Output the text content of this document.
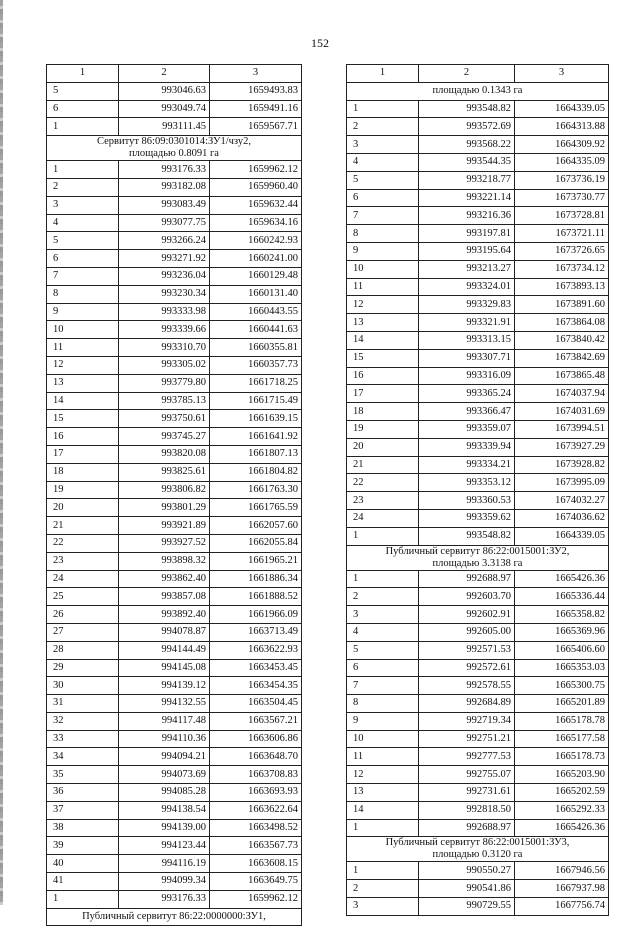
152
1	2	3
5	993046.63	1659493.83
6	993049.74	1659491.16
1	993111.45	1659567.71
Сервитут 86:09:0301014:ЗУ1/чзу2,
площадью 0.8091 га		
1	993176.33	1659962.12
2	993182.08	1659960.40
3	993083.49	1659632.44
4	993077.75	1659634.16
5	993266.24	1660242.93
6	993271.92	1660241.00
7	993236.04	1660129.48
8	993230.34	1660131.40
9	993333.98	1660443.55
10	993339.66	1660441.63
11	993310.70	1660355.81
12	993305.02	1660357.73
13	993779.80	1661718.25
14	993785.13	1661715.49
15	993750.61	1661639.15
16	993745.27	1661641.92
17	993820.08	1661807.13
18	993825.61	1661804.82
19	993806.82	1661763.30
20	993801.29	1661765.59
21	993921.89	1662057.60
22	993927.52	1662055.84
23	993898.32	1661965.21
24	993862.40	1661886.34
25	993857.08	1661888.52
26	993892.40	1661966.09
27	994078.87	1663713.49
28	994144.49	1663622.93
29	994145.08	1663453.45
30	994139.12	1663454.35
31	994132.55	1663504.45
32	994117.48	1663567.21
33	994110.36	1663606.86
34	994094.21	1663648.70
35	994073.69	1663708.83
36	994085.28	1663693.93
37	994138.54	1663622.64
38	994139.00	1663498.52
39	994123.44	1663567.73
40	994116.19	1663608.15
41	994099.34	1663649.75
1	993176.33	1659962.12
Публичный сервитут 86:22:0000000:ЗУ1,		
1	2	3
площадью 0.1343 га		
1	993548.82	1664339.05
2	993572.69	1664313.88
3	993568.22	1664309.92
4	993544.35	1664335.09
5	993218.77	1673736.19
6	993221.14	1673730.77
7	993216.36	1673728.81
8	993197.81	1673721.11
9	993195.64	1673726.65
10	993213.27	1673734.12
11	993324.01	1673893.13
12	993329.83	1673891.60
13	993321.91	1673864.08
14	993313.15	1673840.42
15	993307.71	1673842.69
16	993316.09	1673865.48
17	993365.24	1674037.94
18	993366.47	1674031.69
19	993359.07	1673994.51
20	993339.94	1673927.29
21	993334.21	1673928.82
22	993353.12	1673995.09
23	993360.53	1674032.27
24	993359.62	1674036.62
1	993548.82	1664339.05
Публичный сервитут 86:22:0015001:ЗУ2,
площадью 3.3138 га		
1	992688.97	1665426.36
2	992603.70	1665336.44
3	992602.91	1665358.82
4	992605.00	1665369.96
5	992571.53	1665406.60
6	992572.61	1665353.03
7	992578.55	1665300.75
8	992684.89	1665201.89
9	992719.34	1665178.78
10	992751.21	1665177.58
11	992777.53	1665178.73
12	992755.07	1665203.90
13	992731.61	1665202.59
14	992818.50	1665292.33
1	992688.97	1665426.36
Публичный сервитут 86:22:0015001:ЗУ3,
площадью 0.3120 га		
1	990550.27	1667946.56
2	990541.86	1667937.98
3	990729.55	1667756.74
